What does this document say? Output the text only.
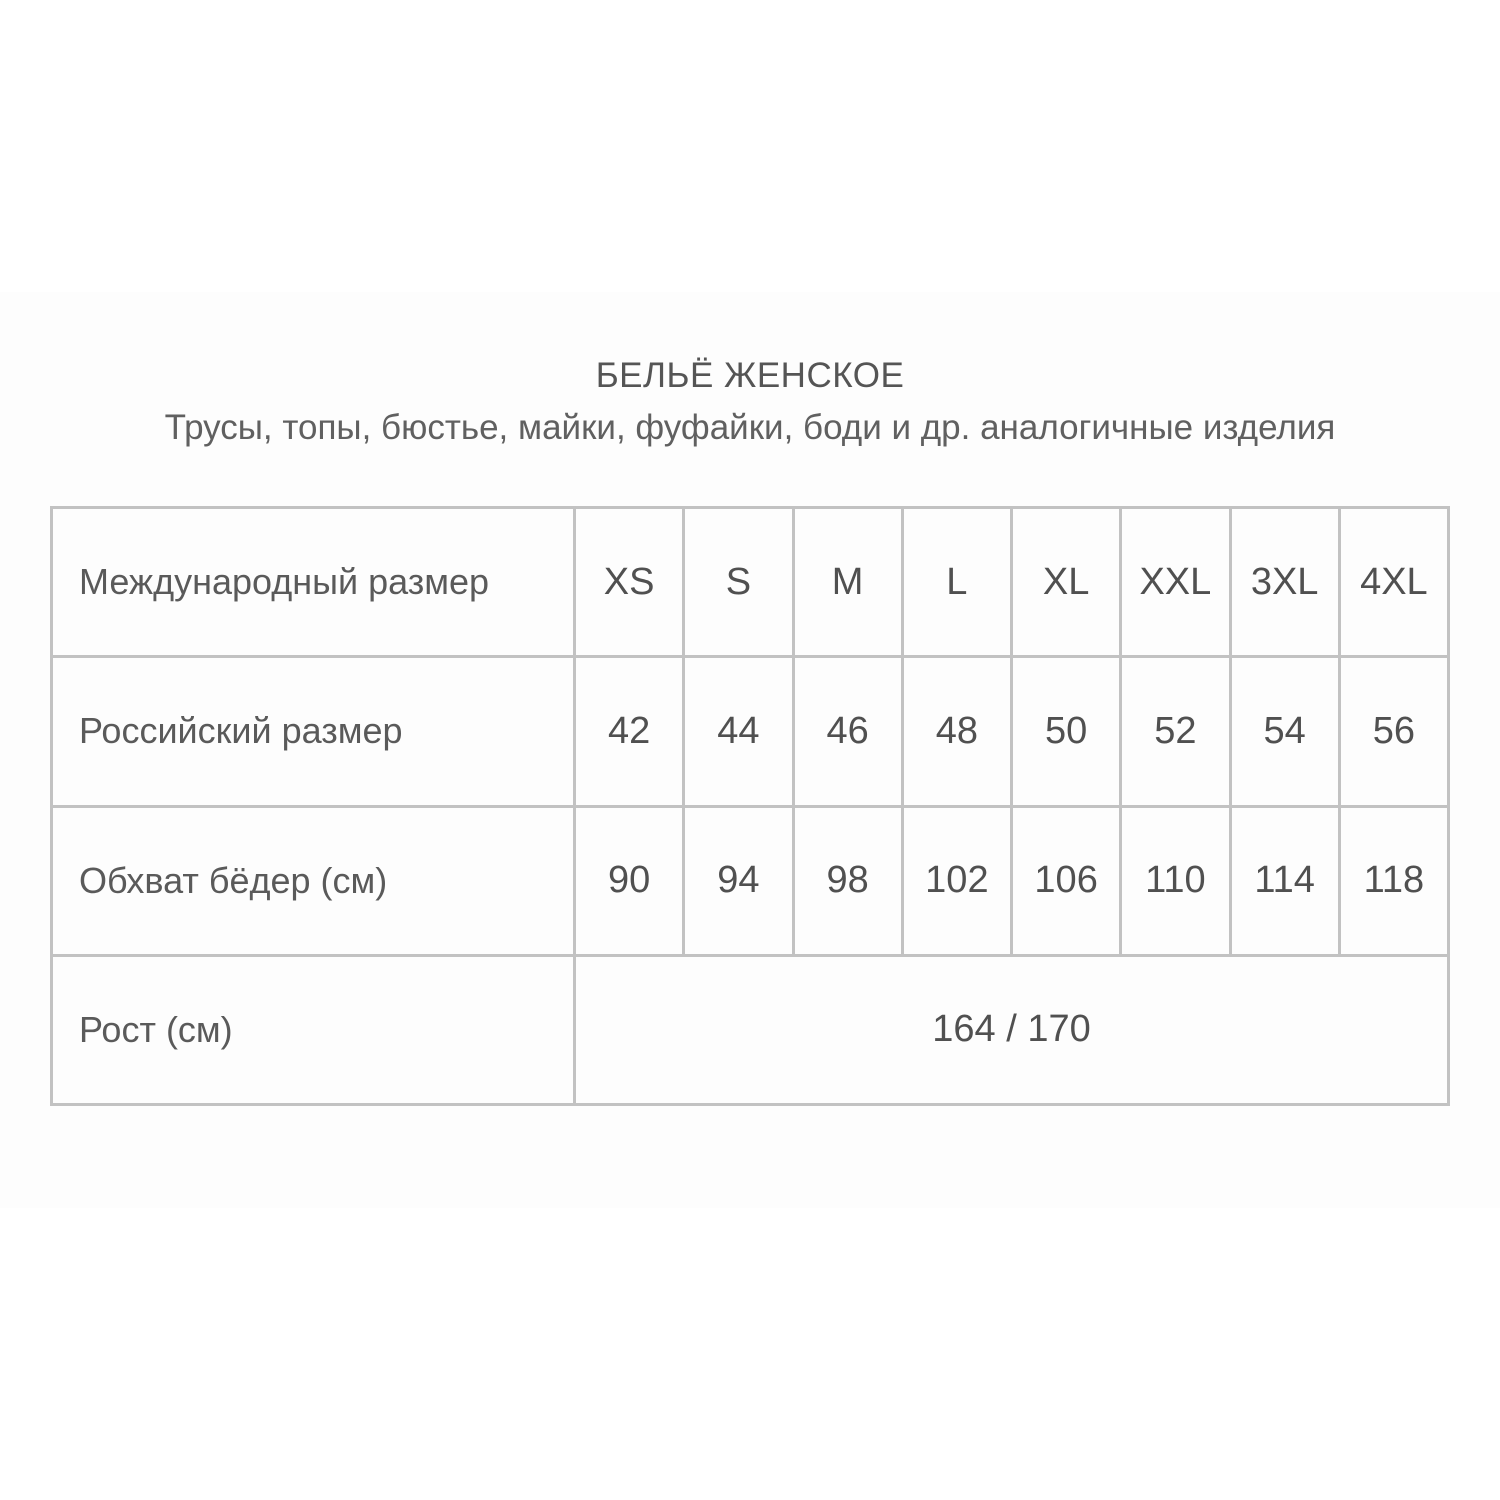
БЕЛЬЁ ЖЕНСКОЕ
Трусы, топы, бюстье, майки, фуфайки, боди и др. аналогичные изделия
Международный размер	XS	S	M	L	XL	XXL	3XL	4XL
Российский размер	42	44	46	48	50	52	54	56
Обхват бёдер (см)	90	94	98	102	106	110	114	118
Рост (см)	164 / 170							
